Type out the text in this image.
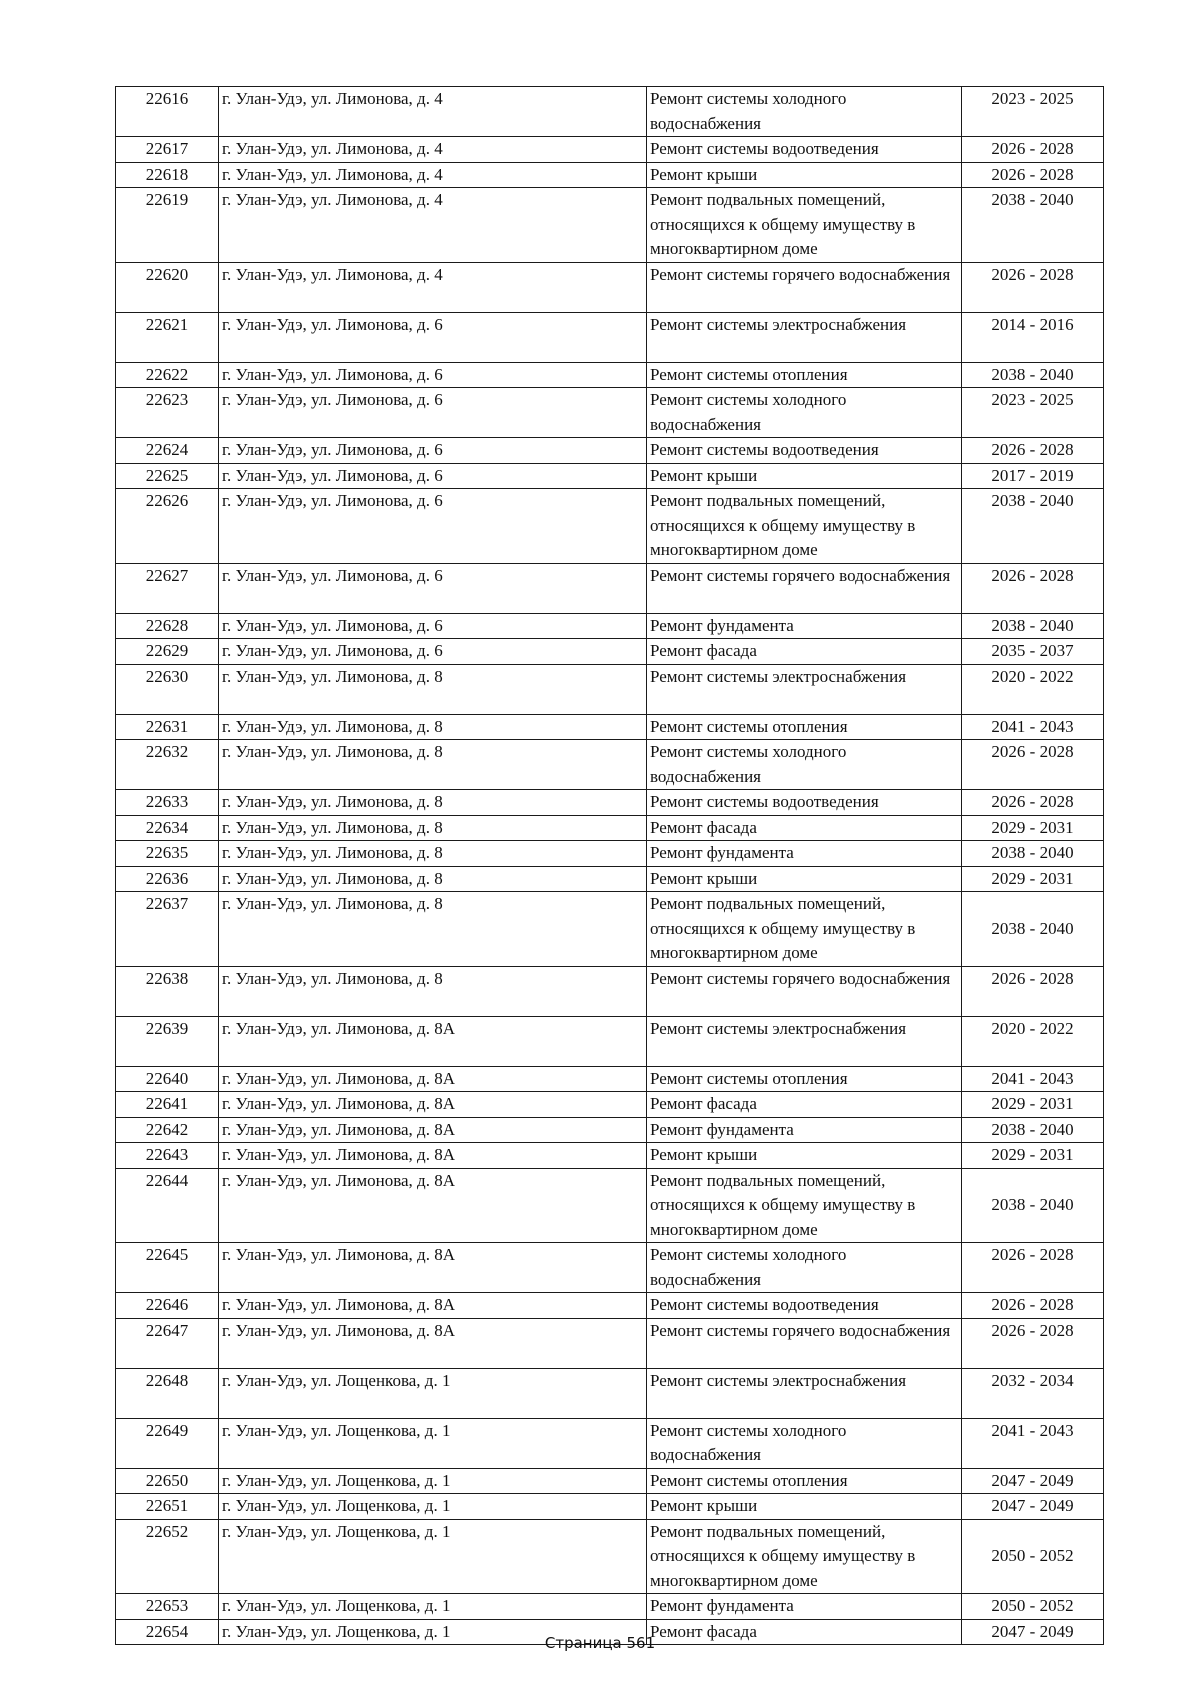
22616	г. Улан-Удэ, ул. Лимонова, д. 4	Ремонт системы холодного водоснабжения	2023 - 2025
22617	г. Улан-Удэ, ул. Лимонова, д. 4	Ремонт системы водоотведения	2026 - 2028
22618	г. Улан-Удэ, ул. Лимонова, д. 4	Ремонт крыши	2026 - 2028
22619	г. Улан-Удэ, ул. Лимонова, д. 4	Ремонт подвальных помещений, относящихся к общему имуществу в многоквартирном доме	2038 - 2040
22620	г. Улан-Удэ, ул. Лимонова, д. 4	Ремонт системы горячего водоснабжения	2026 - 2028
22621	г. Улан-Удэ, ул. Лимонова, д. 6	Ремонт системы электроснабжения	2014 - 2016
22622	г. Улан-Удэ, ул. Лимонова, д. 6	Ремонт системы отопления	2038 - 2040
22623	г. Улан-Удэ, ул. Лимонова, д. 6	Ремонт системы холодного водоснабжения	2023 - 2025
22624	г. Улан-Удэ, ул. Лимонова, д. 6	Ремонт системы водоотведения	2026 - 2028
22625	г. Улан-Удэ, ул. Лимонова, д. 6	Ремонт крыши	2017 - 2019
22626	г. Улан-Удэ, ул. Лимонова, д. 6	Ремонт подвальных помещений, относящихся к общему имуществу в многоквартирном доме	2038 - 2040
22627	г. Улан-Удэ, ул. Лимонова, д. 6	Ремонт системы горячего водоснабжения	2026 - 2028
22628	г. Улан-Удэ, ул. Лимонова, д. 6	Ремонт фундамента	2038 - 2040
22629	г. Улан-Удэ, ул. Лимонова, д. 6	Ремонт фасада	2035 - 2037
22630	г. Улан-Удэ, ул. Лимонова, д. 8	Ремонт системы электроснабжения	2020 - 2022
22631	г. Улан-Удэ, ул. Лимонова, д. 8	Ремонт системы отопления	2041 - 2043
22632	г. Улан-Удэ, ул. Лимонова, д. 8	Ремонт системы холодного водоснабжения	2026 - 2028
22633	г. Улан-Удэ, ул. Лимонова, д. 8	Ремонт системы водоотведения	2026 - 2028
22634	г. Улан-Удэ, ул. Лимонова, д. 8	Ремонт фасада	2029 - 2031
22635	г. Улан-Удэ, ул. Лимонова, д. 8	Ремонт фундамента	2038 - 2040
22636	г. Улан-Удэ, ул. Лимонова, д. 8	Ремонт крыши	2029 - 2031
22637	г. Улан-Удэ, ул. Лимонова, д. 8	Ремонт подвальных помещений, относящихся к общему имуществу в многоквартирном доме	2038 - 2040
22638	г. Улан-Удэ, ул. Лимонова, д. 8	Ремонт системы горячего водоснабжения	2026 - 2028
22639	г. Улан-Удэ, ул. Лимонова, д. 8А	Ремонт системы электроснабжения	2020 - 2022
22640	г. Улан-Удэ, ул. Лимонова, д. 8А	Ремонт системы отопления	2041 - 2043
22641	г. Улан-Удэ, ул. Лимонова, д. 8А	Ремонт фасада	2029 - 2031
22642	г. Улан-Удэ, ул. Лимонова, д. 8А	Ремонт фундамента	2038 - 2040
22643	г. Улан-Удэ, ул. Лимонова, д. 8А	Ремонт крыши	2029 - 2031
22644	г. Улан-Удэ, ул. Лимонова, д. 8А	Ремонт подвальных помещений, относящихся к общему имуществу в многоквартирном доме	2038 - 2040
22645	г. Улан-Удэ, ул. Лимонова, д. 8А	Ремонт системы холодного водоснабжения	2026 - 2028
22646	г. Улан-Удэ, ул. Лимонова, д. 8А	Ремонт системы водоотведения	2026 - 2028
22647	г. Улан-Удэ, ул. Лимонова, д. 8А	Ремонт системы горячего водоснабжения	2026 - 2028
22648	г. Улан-Удэ, ул. Лощенкова, д. 1	Ремонт системы электроснабжения	2032 - 2034
22649	г. Улан-Удэ, ул. Лощенкова, д. 1	Ремонт системы холодного водоснабжения	2041 - 2043
22650	г. Улан-Удэ, ул. Лощенкова, д. 1	Ремонт системы отопления	2047 - 2049
22651	г. Улан-Удэ, ул. Лощенкова, д. 1	Ремонт крыши	2047 - 2049
22652	г. Улан-Удэ, ул. Лощенкова, д. 1	Ремонт подвальных помещений, относящихся к общему имуществу в многоквартирном доме	2050 - 2052
22653	г. Улан-Удэ, ул. Лощенкова, д. 1	Ремонт фундамента	2050 - 2052
22654	г. Улан-Удэ, ул. Лощенкова, д. 1	Ремонт фасада	2047 - 2049
Страница 561
